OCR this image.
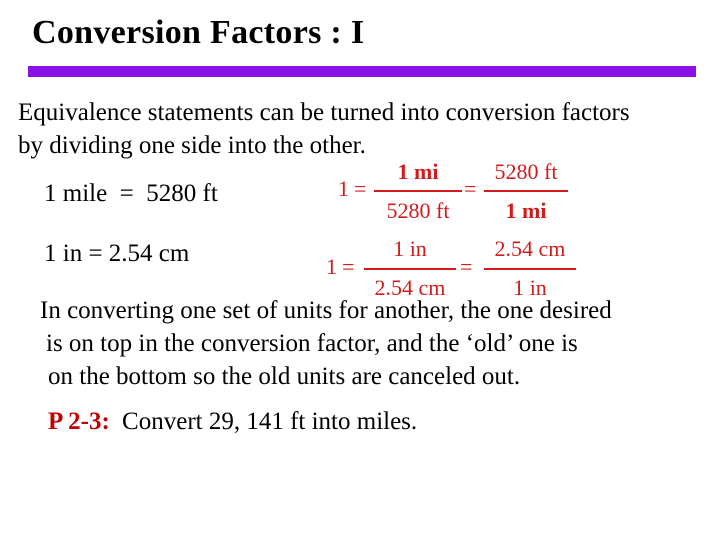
Conversion Factors : I
Equivalence statements can be turned into conversion factors
by dividing one side into the other.
1 mile  =  5280 ft	1 =
1 mi
5280 ft
=
5280 ft
1 mi
1 in = 2.54 cm	1 =
1 in
2.54 cm
=
2.54 cm
1 in
In converting one set of units for another, the one desired
is on top in the conversion factor, and the ‘old’ one is
on the bottom so the old units are canceled out.
P 2-3: Convert 29, 141 ft into miles.
